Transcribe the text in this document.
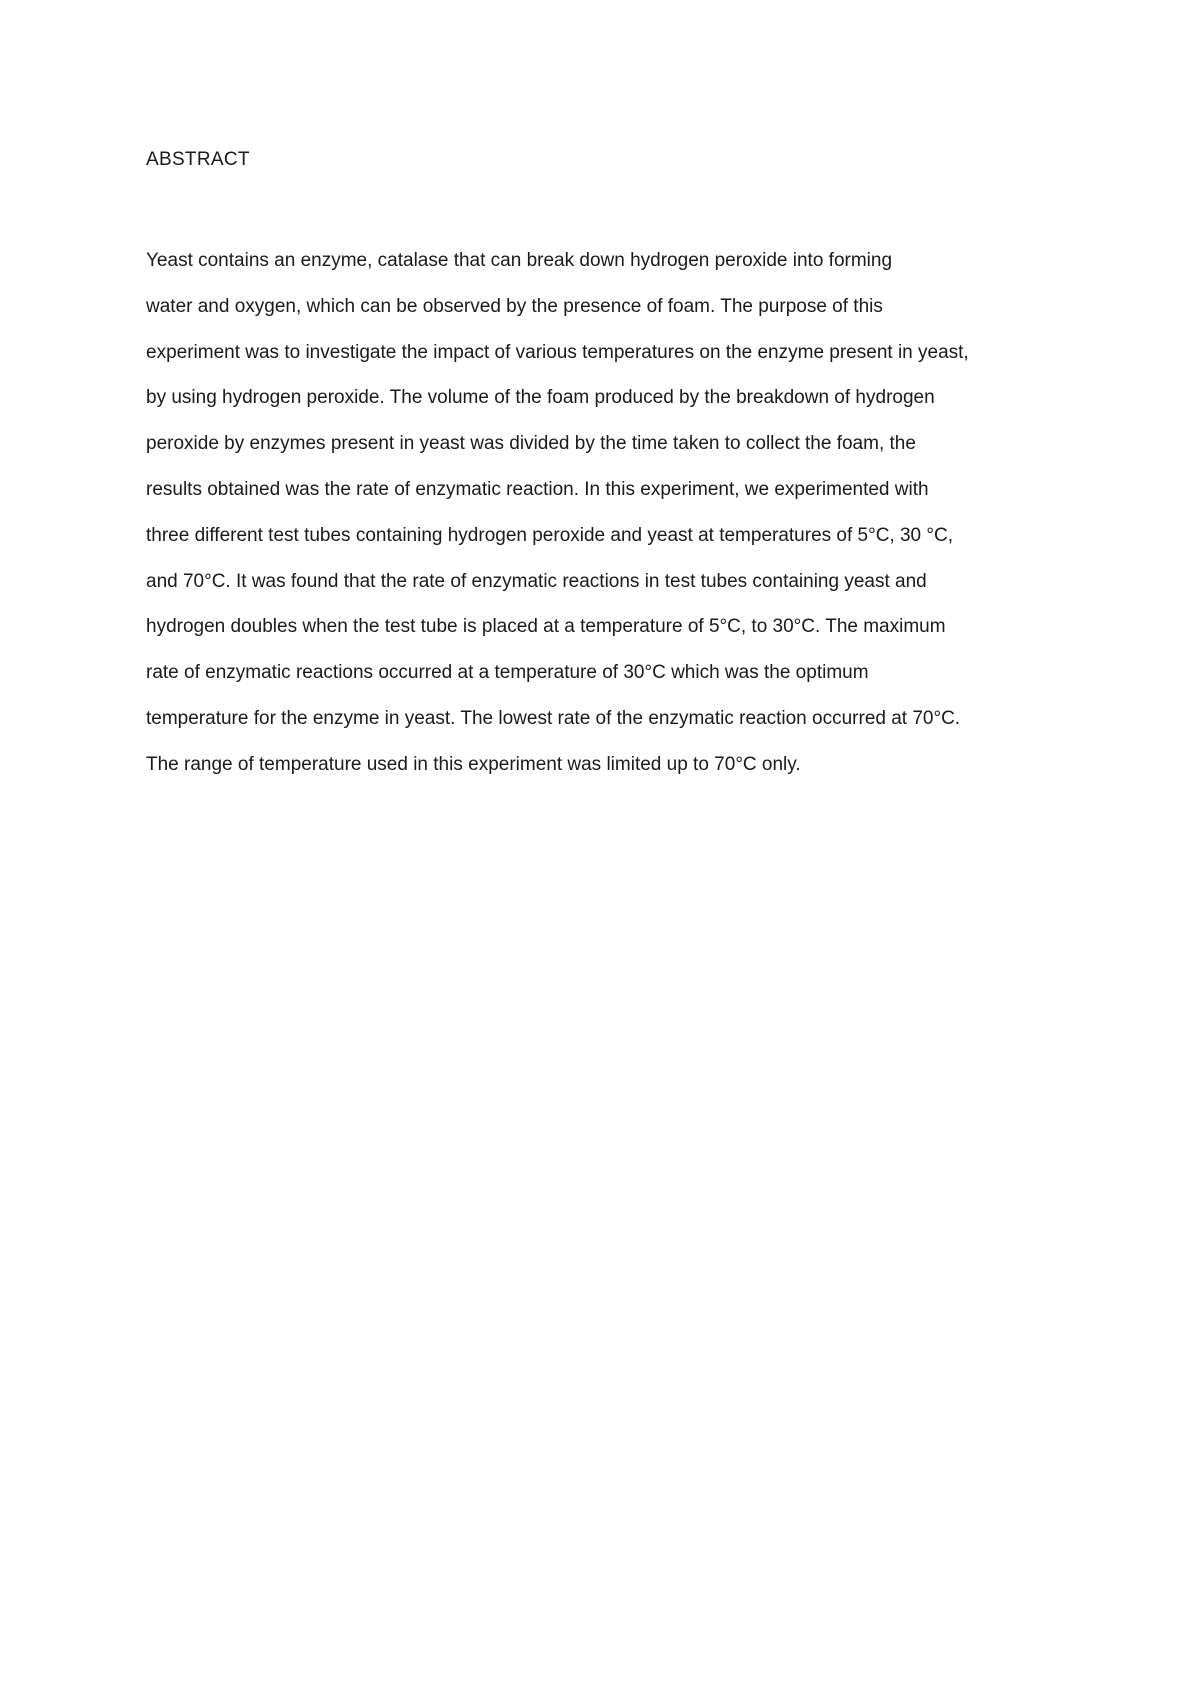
ABSTRACT
Yeast contains an enzyme, catalase that can break down hydrogen peroxide into forming
water and oxygen, which can be observed by the presence of foam. The purpose of this
experiment was to investigate the impact of various temperatures on the enzyme present in yeast,
by using hydrogen peroxide. The volume of the foam produced by the breakdown of hydrogen
peroxide by enzymes present in yeast was divided by the time taken to collect the foam, the
results obtained was the rate of enzymatic reaction. In this experiment, we experimented with
three different test tubes containing hydrogen peroxide and yeast at temperatures of 5°C, 30 °C,
and 70°C. It was found that the rate of enzymatic reactions in test tubes containing yeast and
hydrogen doubles when the test tube is placed at a temperature of 5°C, to 30°C. The maximum
rate of enzymatic reactions occurred at a temperature of 30°C which was the optimum
temperature for the enzyme in yeast. The lowest rate of the enzymatic reaction occurred at 70°C.
The range of temperature used in this experiment was limited up to 70°C only.
